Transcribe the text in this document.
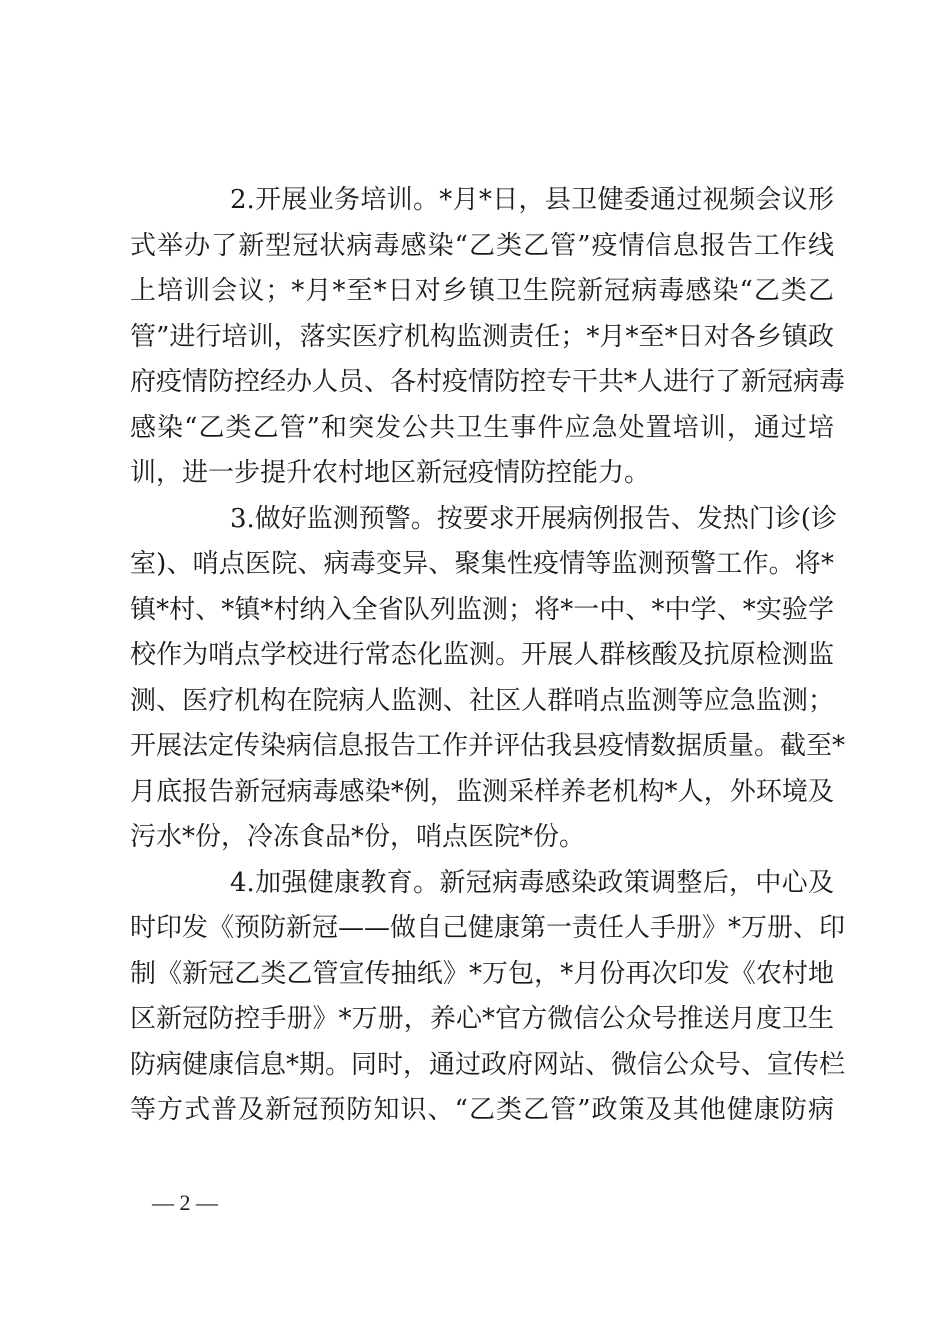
2.开展业务培训。*月*日，县卫健委通过视频会议形
式举办了新型冠状病毒感染“乙类乙管”疫情信息报告工作线
上培训会议；*月*至*日对乡镇卫生院新冠病毒感染“乙类乙
管”进行培训，落实医疗机构监测责任；*月*至*日对各乡镇政
府疫情防控经办人员、各村疫情防控专干共*人进行了新冠病毒
感染“乙类乙管”和突发公共卫生事件应急处置培训，通过培
训，进一步提升农村地区新冠疫情防控能力。
3.做好监测预警。按要求开展病例报告、发热门诊(诊
室)、哨点医院、病毒变异、聚集性疫情等监测预警工作。将*
镇*村、*镇*村纳入全省队列监测；将*一中、*中学、*实验学
校作为哨点学校进行常态化监测。开展人群核酸及抗原检测监
测、医疗机构在院病人监测、社区人群哨点监测等应急监测；
开展法定传染病信息报告工作并评估我县疫情数据质量。截至*
月底报告新冠病毒感染*例，监测采样养老机构*人，外环境及
污水*份，冷冻食品*份，哨点医院*份。
4.加强健康教育。新冠病毒感染政策调整后，中心及
时印发《预防新冠——做自己健康第一责任人手册》*万册、印
制《新冠乙类乙管宣传抽纸》*万包，*月份再次印发《农村地
区新冠防控手册》*万册，养心*官方微信公众号推送月度卫生
防病健康信息*期。同时，通过政府网站、微信公众号、宣传栏
等方式普及新冠预防知识、“乙类乙管”政策及其他健康防病
— 2 —
